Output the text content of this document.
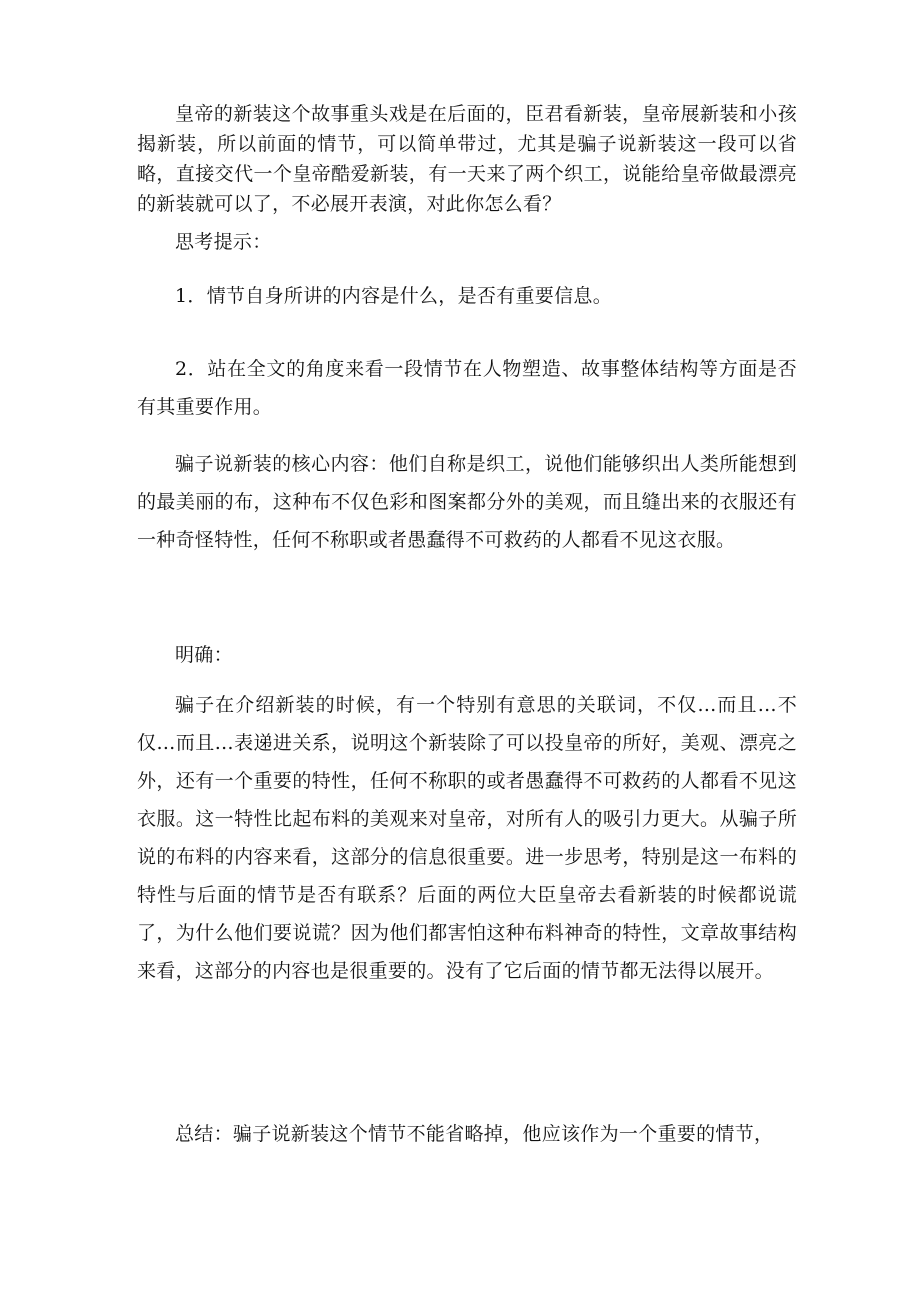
皇帝的新装这个故事重头戏是在后面的，臣君看新装，皇帝展新装和小孩揭新装，所以前面的情节，可以简单带过，尤其是骗子说新装这一段可以省略，直接交代一个皇帝酷爱新装，有一天来了两个织工，说能给皇帝做最漂亮的新装就可以了，不必展开表演，对此你怎么看？

思考提示：

1．情节自身所讲的内容是什么，是否有重要信息。

2．站在全文的角度来看一段情节在人物塑造、故事整体结构等方面是否有其重要作用。

骗子说新装的核心内容：他们自称是织工，说他们能够织出人类所能想到的最美丽的布，这种布不仅色彩和图案都分外的美观，而且缝出来的衣服还有一种奇怪特性，任何不称职或者愚蠢得不可救药的人都看不见这衣服。

明确：

骗子在介绍新装的时候，有一个特别有意思的关联词，不仅…而且…不仅…而且…表递进关系，说明这个新装除了可以投皇帝的所好，美观、漂亮之外，还有一个重要的特性，任何不称职的或者愚蠢得不可救药的人都看不见这衣服。这一特性比起布料的美观来对皇帝，对所有人的吸引力更大。从骗子所说的布料的内容来看，这部分的信息很重要。进一步思考，特别是这一布料的特性与后面的情节是否有联系？后面的两位大臣皇帝去看新装的时候都说谎了，为什么他们要说谎？因为他们都害怕这种布料神奇的特性，文章故事结构来看，这部分的内容也是很重要的。没有了它后面的情节都无法得以展开。

总结：骗子说新装这个情节不能省略掉，他应该作为一个重要的情节，
